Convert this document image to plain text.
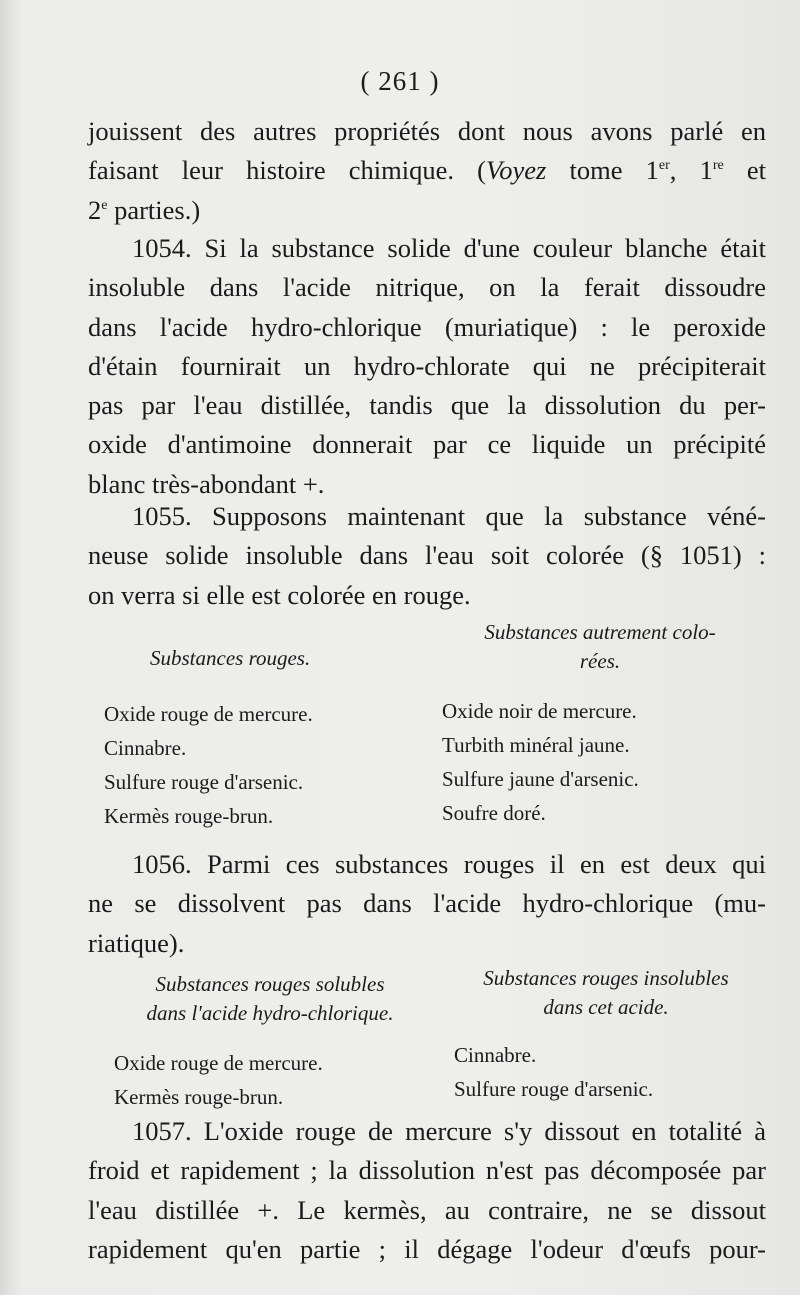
( 261 )
jouissent des autres propriétés dont nous avons parlé en
faisant leur histoire chimique. (Voyez tome 1er, 1re et
2e parties.)
1054. Si la substance solide d'une couleur blanche était
insoluble dans l'acide nitrique, on la ferait dissoudre
dans l'acide hydro-chlorique (muriatique) : le peroxide
d'étain fournirait un hydro-chlorate qui ne précipiterait
pas par l'eau distillée, tandis que la dissolution du per-
oxide d'antimoine donnerait par ce liquide un précipité
blanc très-abondant +.
1055. Supposons maintenant que la substance véné-
neuse solide insoluble dans l'eau soit colorée (§ 1051) :
on verra si elle est colorée en rouge.
Substances rouges.
Substances autrement colo-
rées.
Oxide rouge de mercure.
Cinnabre.
Sulfure rouge d'arsenic.
Kermès rouge-brun.
Oxide noir de mercure.
Turbith minéral jaune.
Sulfure jaune d'arsenic.
Soufre doré.
1056. Parmi ces substances rouges il en est deux qui
ne se dissolvent pas dans l'acide hydro-chlorique (mu-
riatique).
Substances rouges solubles
dans l'acide hydro-chlorique.
Substances rouges insolubles
dans cet acide.
Oxide rouge de mercure.
Kermès rouge-brun.
Cinnabre.
Sulfure rouge d'arsenic.
1057. L'oxide rouge de mercure s'y dissout en totalité à
froid et rapidement ; la dissolution n'est pas décomposée par
l'eau distillée +. Le kermès, au contraire, ne se dissout
rapidement qu'en partie ; il dégage l'odeur d'œufs pour-
